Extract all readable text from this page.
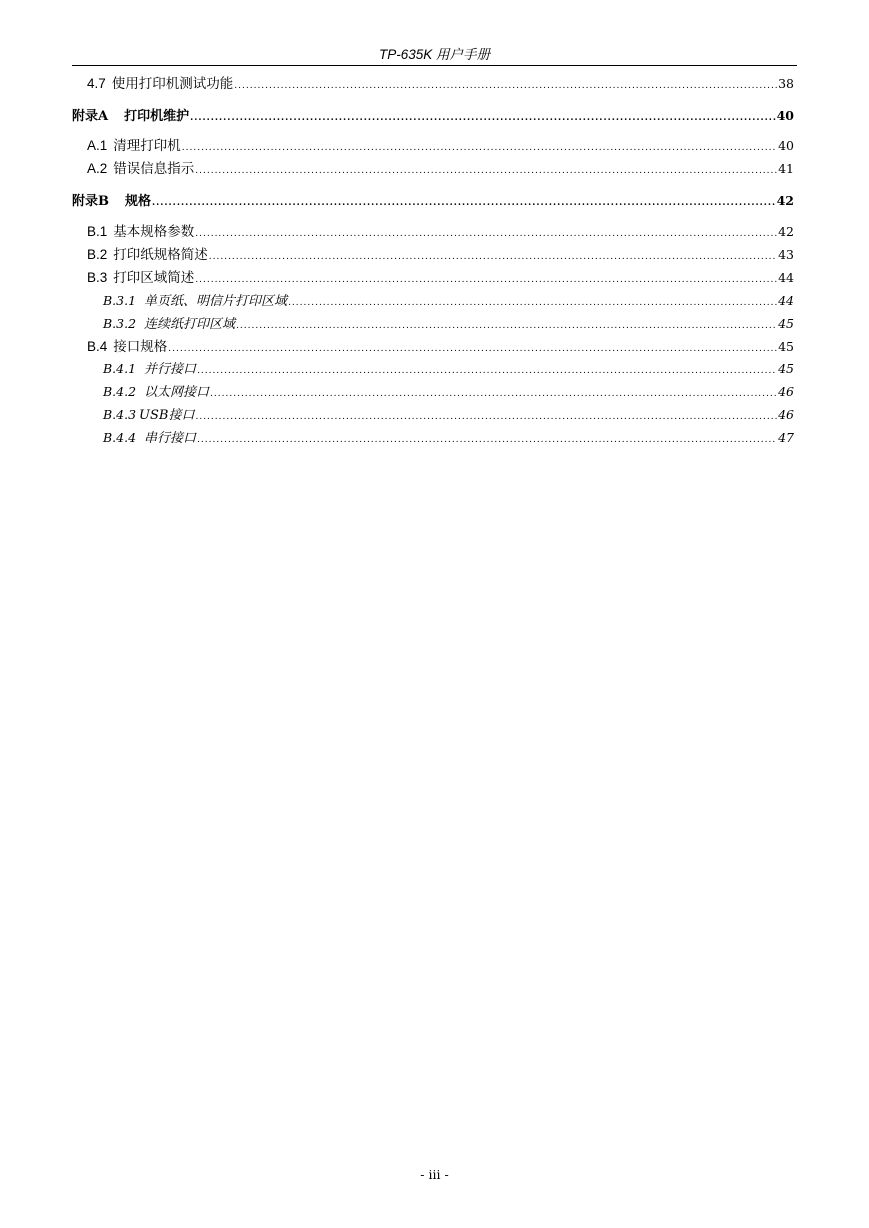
TP-635K 用户手册
4.7 使用打印机测试功能 .....	38
附录A 打印机维护 .....	40
A.1 清理打印机 .....	40
A.2 错误信息指示 .....	41
附录B 规格 .....	42
B.1 基本规格参数 .....	42
B.2 打印纸规格简述 .....	43
B.3 打印区域简述 .....	44
B.3.1 单页纸、明信片打印区域 .....	44
B.3.2 连续纸打印区域 .....	45
B.4 接口规格 .....	45
B.4.1 并行接口 .....	45
B.4.2 以太网接口 .....	46
B.4.3 USB接口 .....	46
B.4.4 串行接口 .....	47
- iii -
